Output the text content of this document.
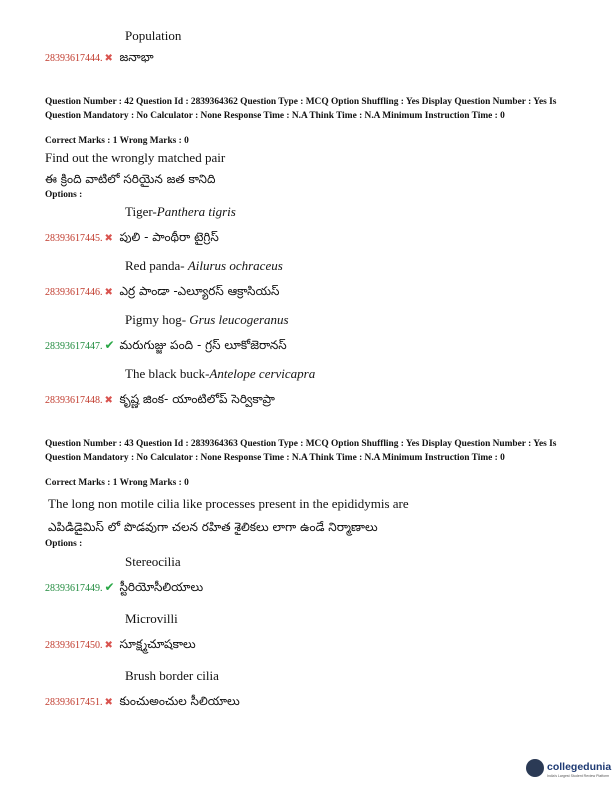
Population
28393617444. ✖ జనాభా
Question Number : 42 Question Id : 2839364362 Question Type : MCQ Option Shuffling : Yes Display Question Number : Yes Is Question Mandatory : No Calculator : None Response Time : N.A Think Time : N.A Minimum Instruction Time : 0
Correct Marks : 1 Wrong Marks : 0
Find out the wrongly matched pair
ఈ క్రింది వాటిలో సరియైన జత కానిది
Options :
Tiger-Panthera tigris
28393617445. ✖ పులి - పాంథీరా టైగ్రిస్
Red panda- Ailurus ochraceus
28393617446. ✖ ఎర్ర పాండా -ఎల్యూరస్ ఆక్రాసియస్
Pigmy hog- Grus leucogeranus
28393617447. ✔ మరుగుజ్జు పంది - గ్రస్ లూకోజెరానస్
The black buck-Antelope cervicapra
28393617448. ✖ కృష్ణ జింక- యాంటిలోప్ సెర్వికాప్రా
Question Number : 43 Question Id : 2839364363 Question Type : MCQ Option Shuffling : Yes Display Question Number : Yes Is Question Mandatory : No Calculator : None Response Time : N.A Think Time : N.A Minimum Instruction Time : 0
Correct Marks : 1 Wrong Marks : 0
The long non motile cilia like processes present in the epididymis are
ఎపిడిడైమిస్ లో పొడవుగా చలన రహిత శైలికలు లాగా ఉండే నిర్మాణాలు
Options :
Stereocilia
28393617449. ✔ స్టీరియోసీలియాలు
Microvilli
28393617450. ✖ సూక్ష్మచూషకాలు
Brush border cilia
28393617451. ✖ కుంచుఅంచుల సీలియాలు
collegedunia
India's Largest Student Review Platform
